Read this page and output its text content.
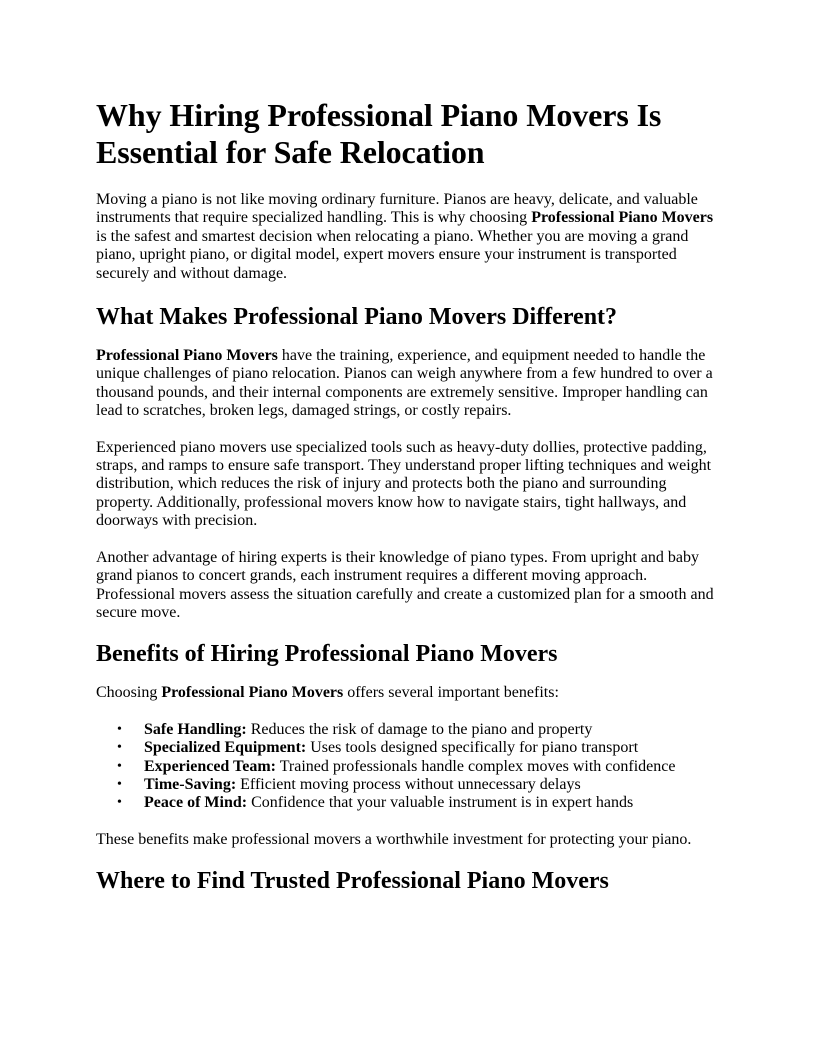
Why Hiring Professional Piano Movers Is Essential for Safe Relocation

Moving a piano is not like moving ordinary furniture. Pianos are heavy, delicate, and valuable instruments that require specialized handling. This is why choosing Professional Piano Movers is the safest and smartest decision when relocating a piano. Whether you are moving a grand piano, upright piano, or digital model, expert movers ensure your instrument is transported securely and without damage.

What Makes Professional Piano Movers Different?

Professional Piano Movers have the training, experience, and equipment needed to handle the unique challenges of piano relocation. Pianos can weigh anywhere from a few hundred to over a thousand pounds, and their internal components are extremely sensitive. Improper handling can lead to scratches, broken legs, damaged strings, or costly repairs.

Experienced piano movers use specialized tools such as heavy-duty dollies, protective padding, straps, and ramps to ensure safe transport. They understand proper lifting techniques and weight distribution, which reduces the risk of injury and protects both the piano and surrounding property. Additionally, professional movers know how to navigate stairs, tight hallways, and doorways with precision.

Another advantage of hiring experts is their knowledge of piano types. From upright and baby grand pianos to concert grands, each instrument requires a different moving approach. Professional movers assess the situation carefully and create a customized plan for a smooth and secure move.

Benefits of Hiring Professional Piano Movers

Choosing Professional Piano Movers offers several important benefits:

• Safe Handling: Reduces the risk of damage to the piano and property
• Specialized Equipment: Uses tools designed specifically for piano transport
• Experienced Team: Trained professionals handle complex moves with confidence
• Time-Saving: Efficient moving process without unnecessary delays
• Peace of Mind: Confidence that your valuable instrument is in expert hands

These benefits make professional movers a worthwhile investment for protecting your piano.

Where to Find Trusted Professional Piano Movers
